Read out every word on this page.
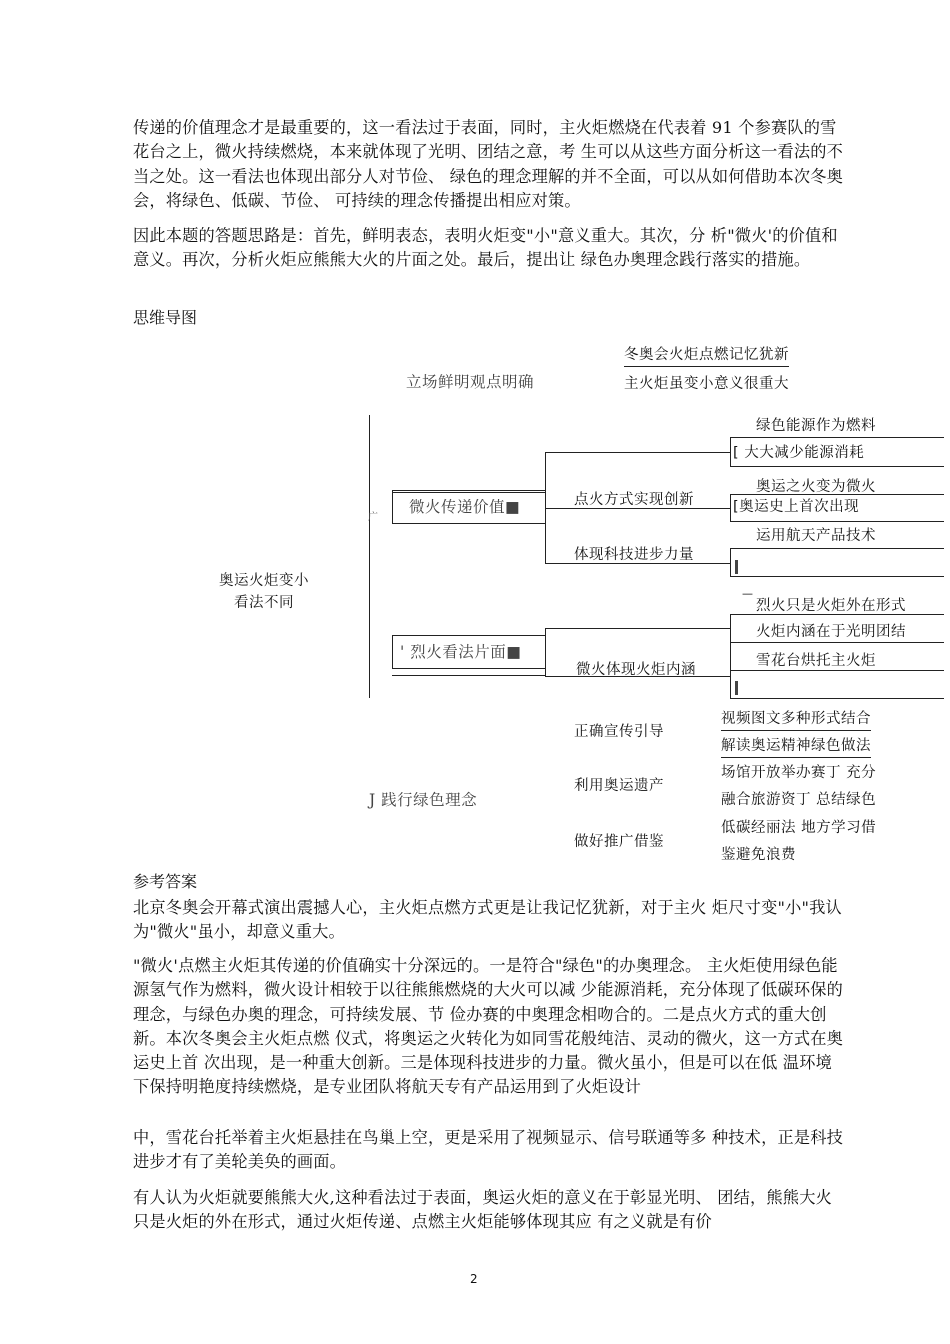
传递的价值理念才是最重要的，这一看法过于表面，同时，主火炬燃烧在代表着 91 个参赛队的雪花台之上，微火持续燃烧，本来就体现了光明、团结之意，考 生可以从这些方面分析这一看法的不当之处。这一看法也体现出部分人对节俭、 绿色的理念理解的并不全面，可以从如何借助本次冬奥会，将绿色、低碳、节俭、 可持续的理念传播提出相应对策。

因此本题的答题思路是：首先，鲜明表态，表明火炬变"小"意义重大。其次，分 析"微火'的价值和意义。再次，分析火炬应熊熊大火的片面之处。最后，提出让 绿色办奥理念践行落实的措施。

思维导图
奥运火炬变小
看法不同
广
立场鲜明观点明确
冬奥会火炬点燃记忆犹新
主火炬虽变小意义很重大
微火传递价值■	点火方式实现创新
体现科技进步力量
绿色能源作为燃料
[ 大大减少能源消耗
奥运之火变为微火
[奥运史上首次出现
运用航天产品技术
—
' 烈火看法片面■
微火体现火炬内涵
烈火只是火炬外在形式
火炬内涵在于光明团结
雪花台烘托主火炬
J 践行绿色理念
正确宣传引导
利用奥运遗产
做好推广借鉴
视频图文多种形式结合
解读奥运精神绿色做法
场馆开放举办赛丁 充分
融合旅游资丁 总结绿色
低碳经丽法 地方学习借
鉴避免浪费
参考答案

北京冬奥会开幕式演出震撼人心，主火炬点燃方式更是让我记忆犹新，对于主火 炬尺寸变"小"我认为"微火"虽小，却意义重大。

"微火'点燃主火炬其传递的价值确实十分深远的。一是符合"绿色"的办奥理念。 主火炬使用绿色能源氢气作为燃料，微火设计相较于以往熊熊燃烧的大火可以减 少能源消耗，充分体现了低碳环保的理念，与绿色办奥的理念，可持续发展、节 俭办赛的中奥理念相吻合的。二是点火方式的重大创新。本次冬奥会主火炬点燃 仪式，将奥运之火转化为如同雪花般纯洁、灵动的微火，这一方式在奥运史上首 次出现，是一种重大创新。三是体现科技进步的力量。微火虽小，但是可以在低 温环境下保持明艳度持续燃烧，是专业团队将航天专有产品运用到了火炬设计

中，雪花台托举着主火炬悬挂在鸟巢上空，更是采用了视频显示、信号联通等多 种技术，正是科技进步才有了美轮美奂的画面。

有人认为火炬就要熊熊大火,这种看法过于表面，奥运火炬的意义在于彰显光明、 团结，熊熊大火只是火炬的外在形式，通过火炬传递、点燃主火炬能够体现其应 有之义就是有价

2
